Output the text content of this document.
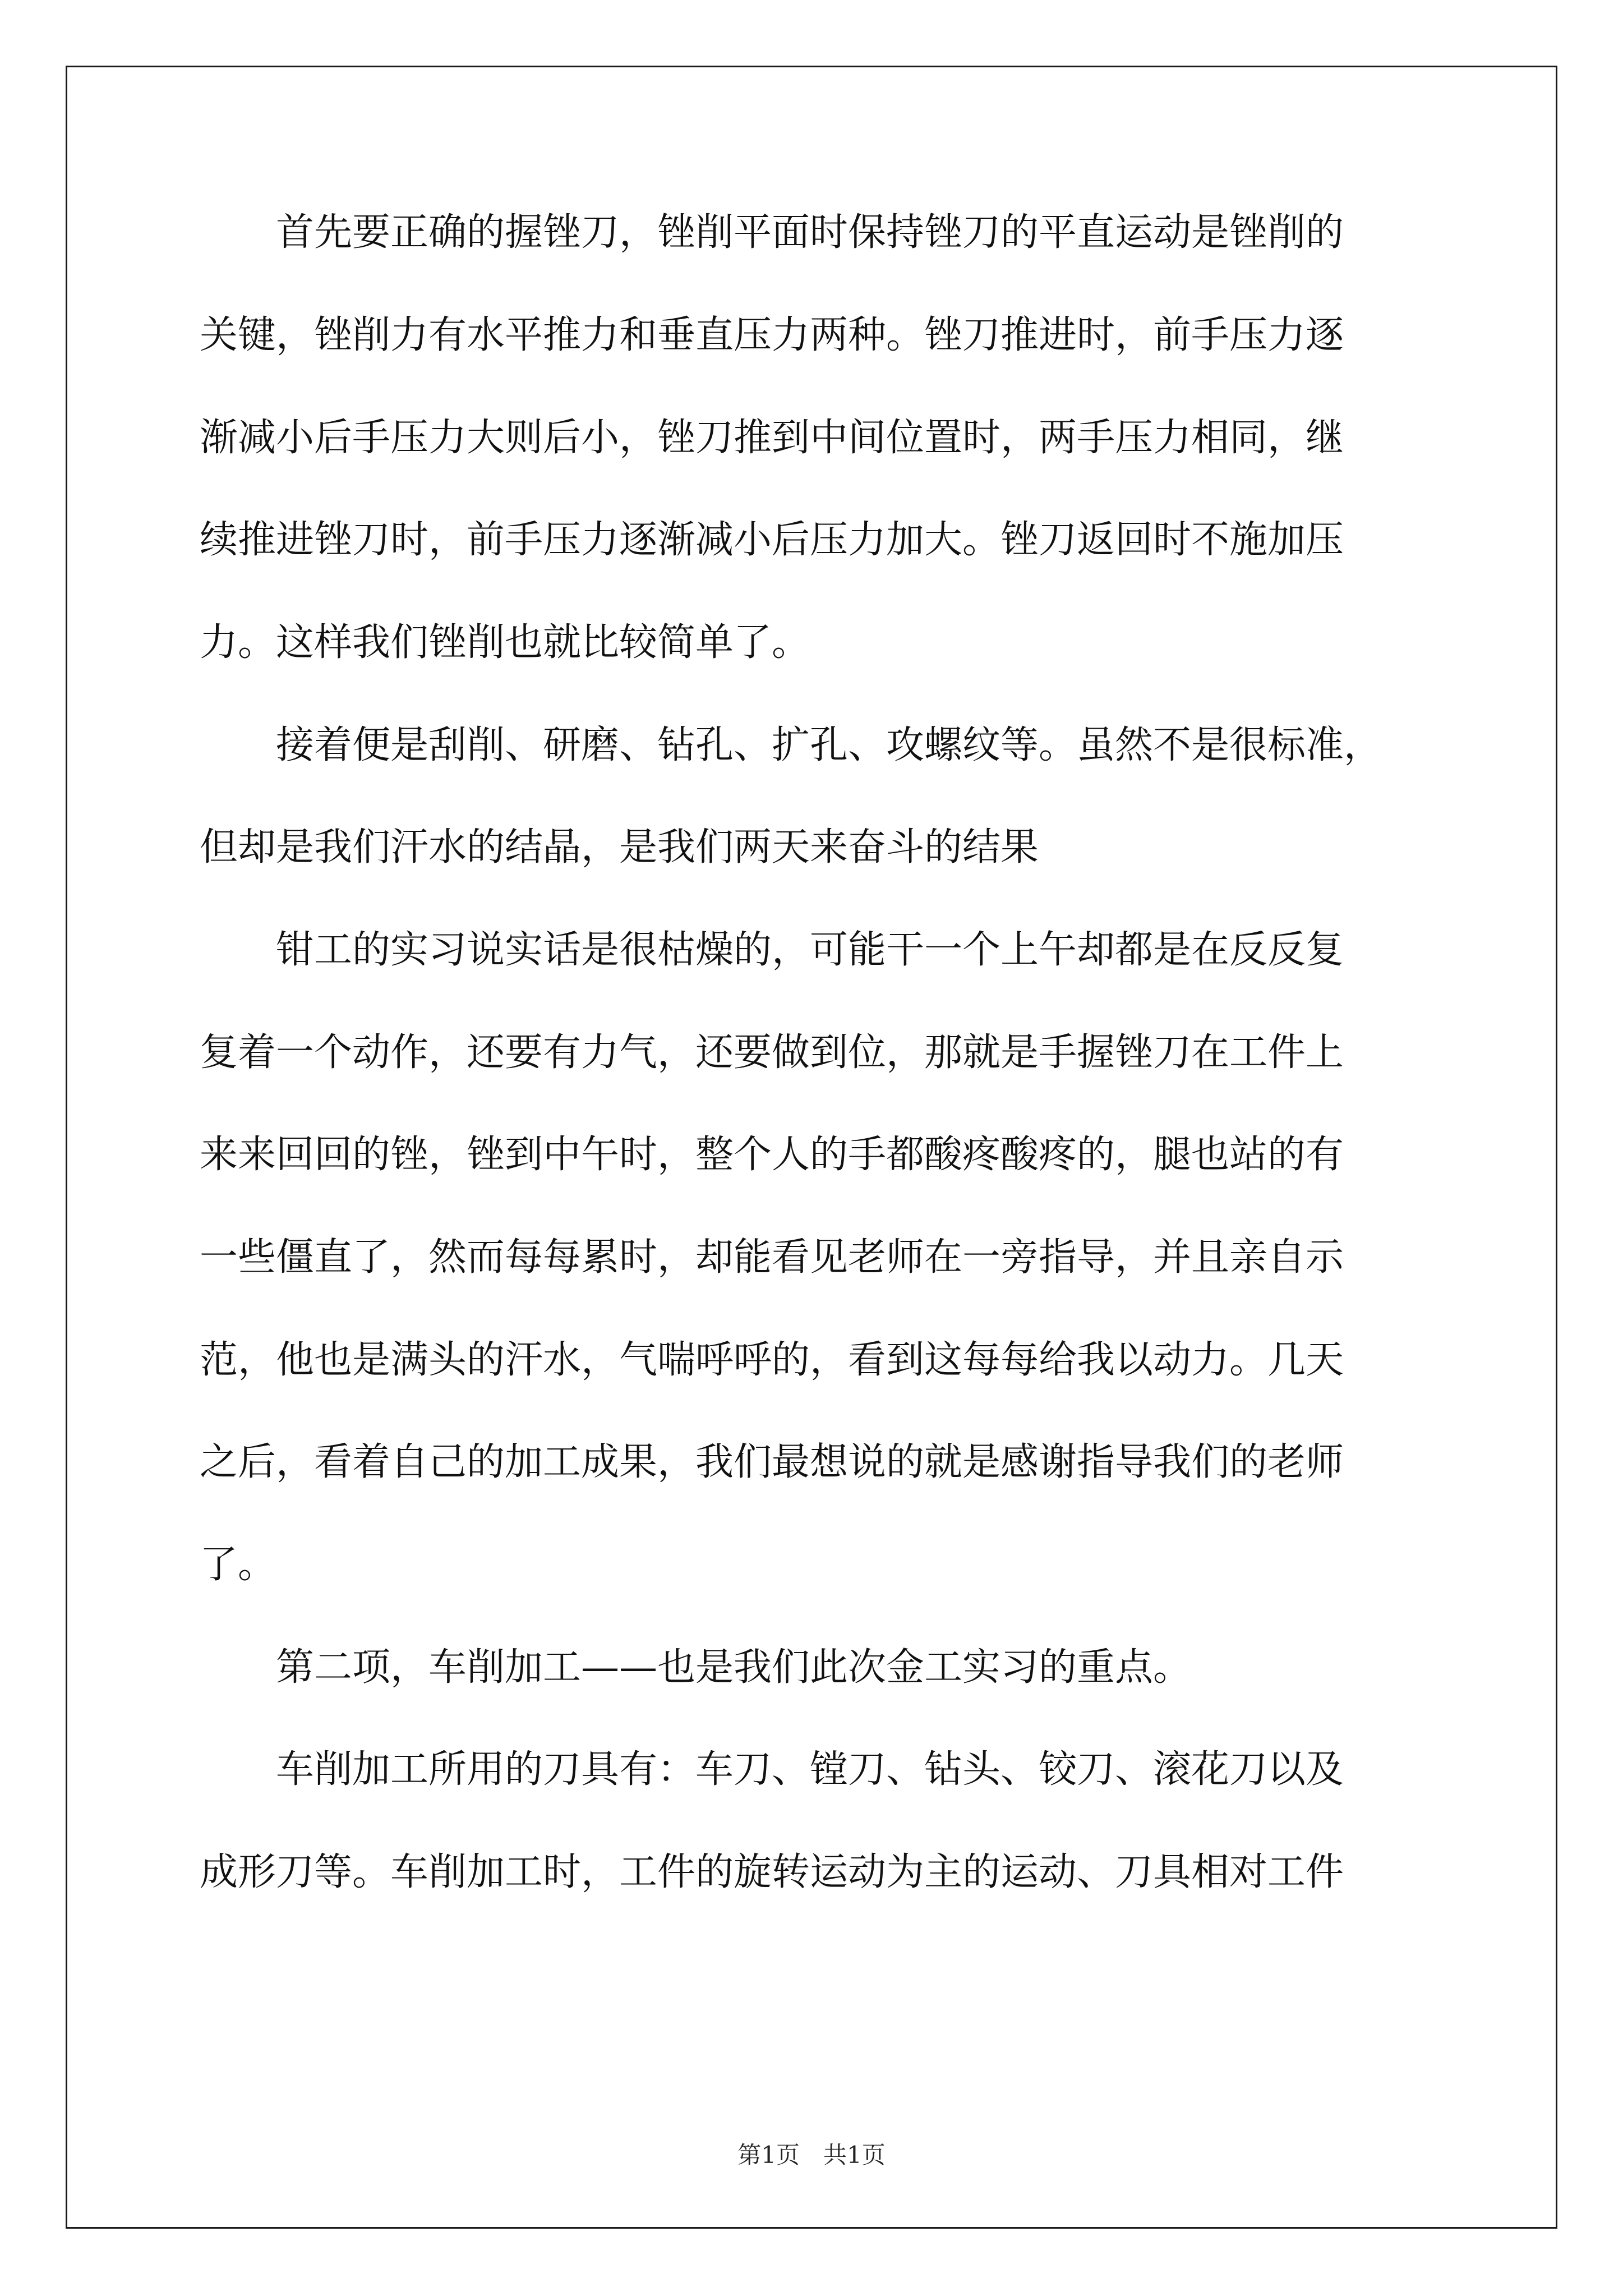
　　首先要正确的握锉刀，锉削平面时保持锉刀的平直运动是锉削的
关键，锉削力有水平推力和垂直压力两种。锉刀推进时，前手压力逐
渐减小后手压力大则后小，锉刀推到中间位置时，两手压力相同，继
续推进锉刀时，前手压力逐渐减小后压力加大。锉刀返回时不施加压
力。这样我们锉削也就比较简单了。
　　接着便是刮削、研磨、钻孔、扩孔、攻螺纹等。虽然不是很标准，
但却是我们汗水的结晶，是我们两天来奋斗的结果
　　钳工的实习说实话是很枯燥的，可能干一个上午却都是在反反复
复着一个动作，还要有力气，还要做到位，那就是手握锉刀在工件上
来来回回的锉，锉到中午时，整个人的手都酸疼酸疼的，腿也站的有
一些僵直了，然而每每累时，却能看见老师在一旁指导，并且亲自示
范，他也是满头的汗水，气喘呼呼的，看到这每每给我以动力。几天
之后，看着自己的加工成果，我们最想说的就是感谢指导我们的老师
了。
　　第二项，车削加工——也是我们此次金工实习的重点。
　　车削加工所用的刀具有：车刀、镗刀、钻头、铰刀、滚花刀以及
成形刀等。车削加工时，工件的旋转运动为主的运动、刀具相对工件
第1页　共1页
